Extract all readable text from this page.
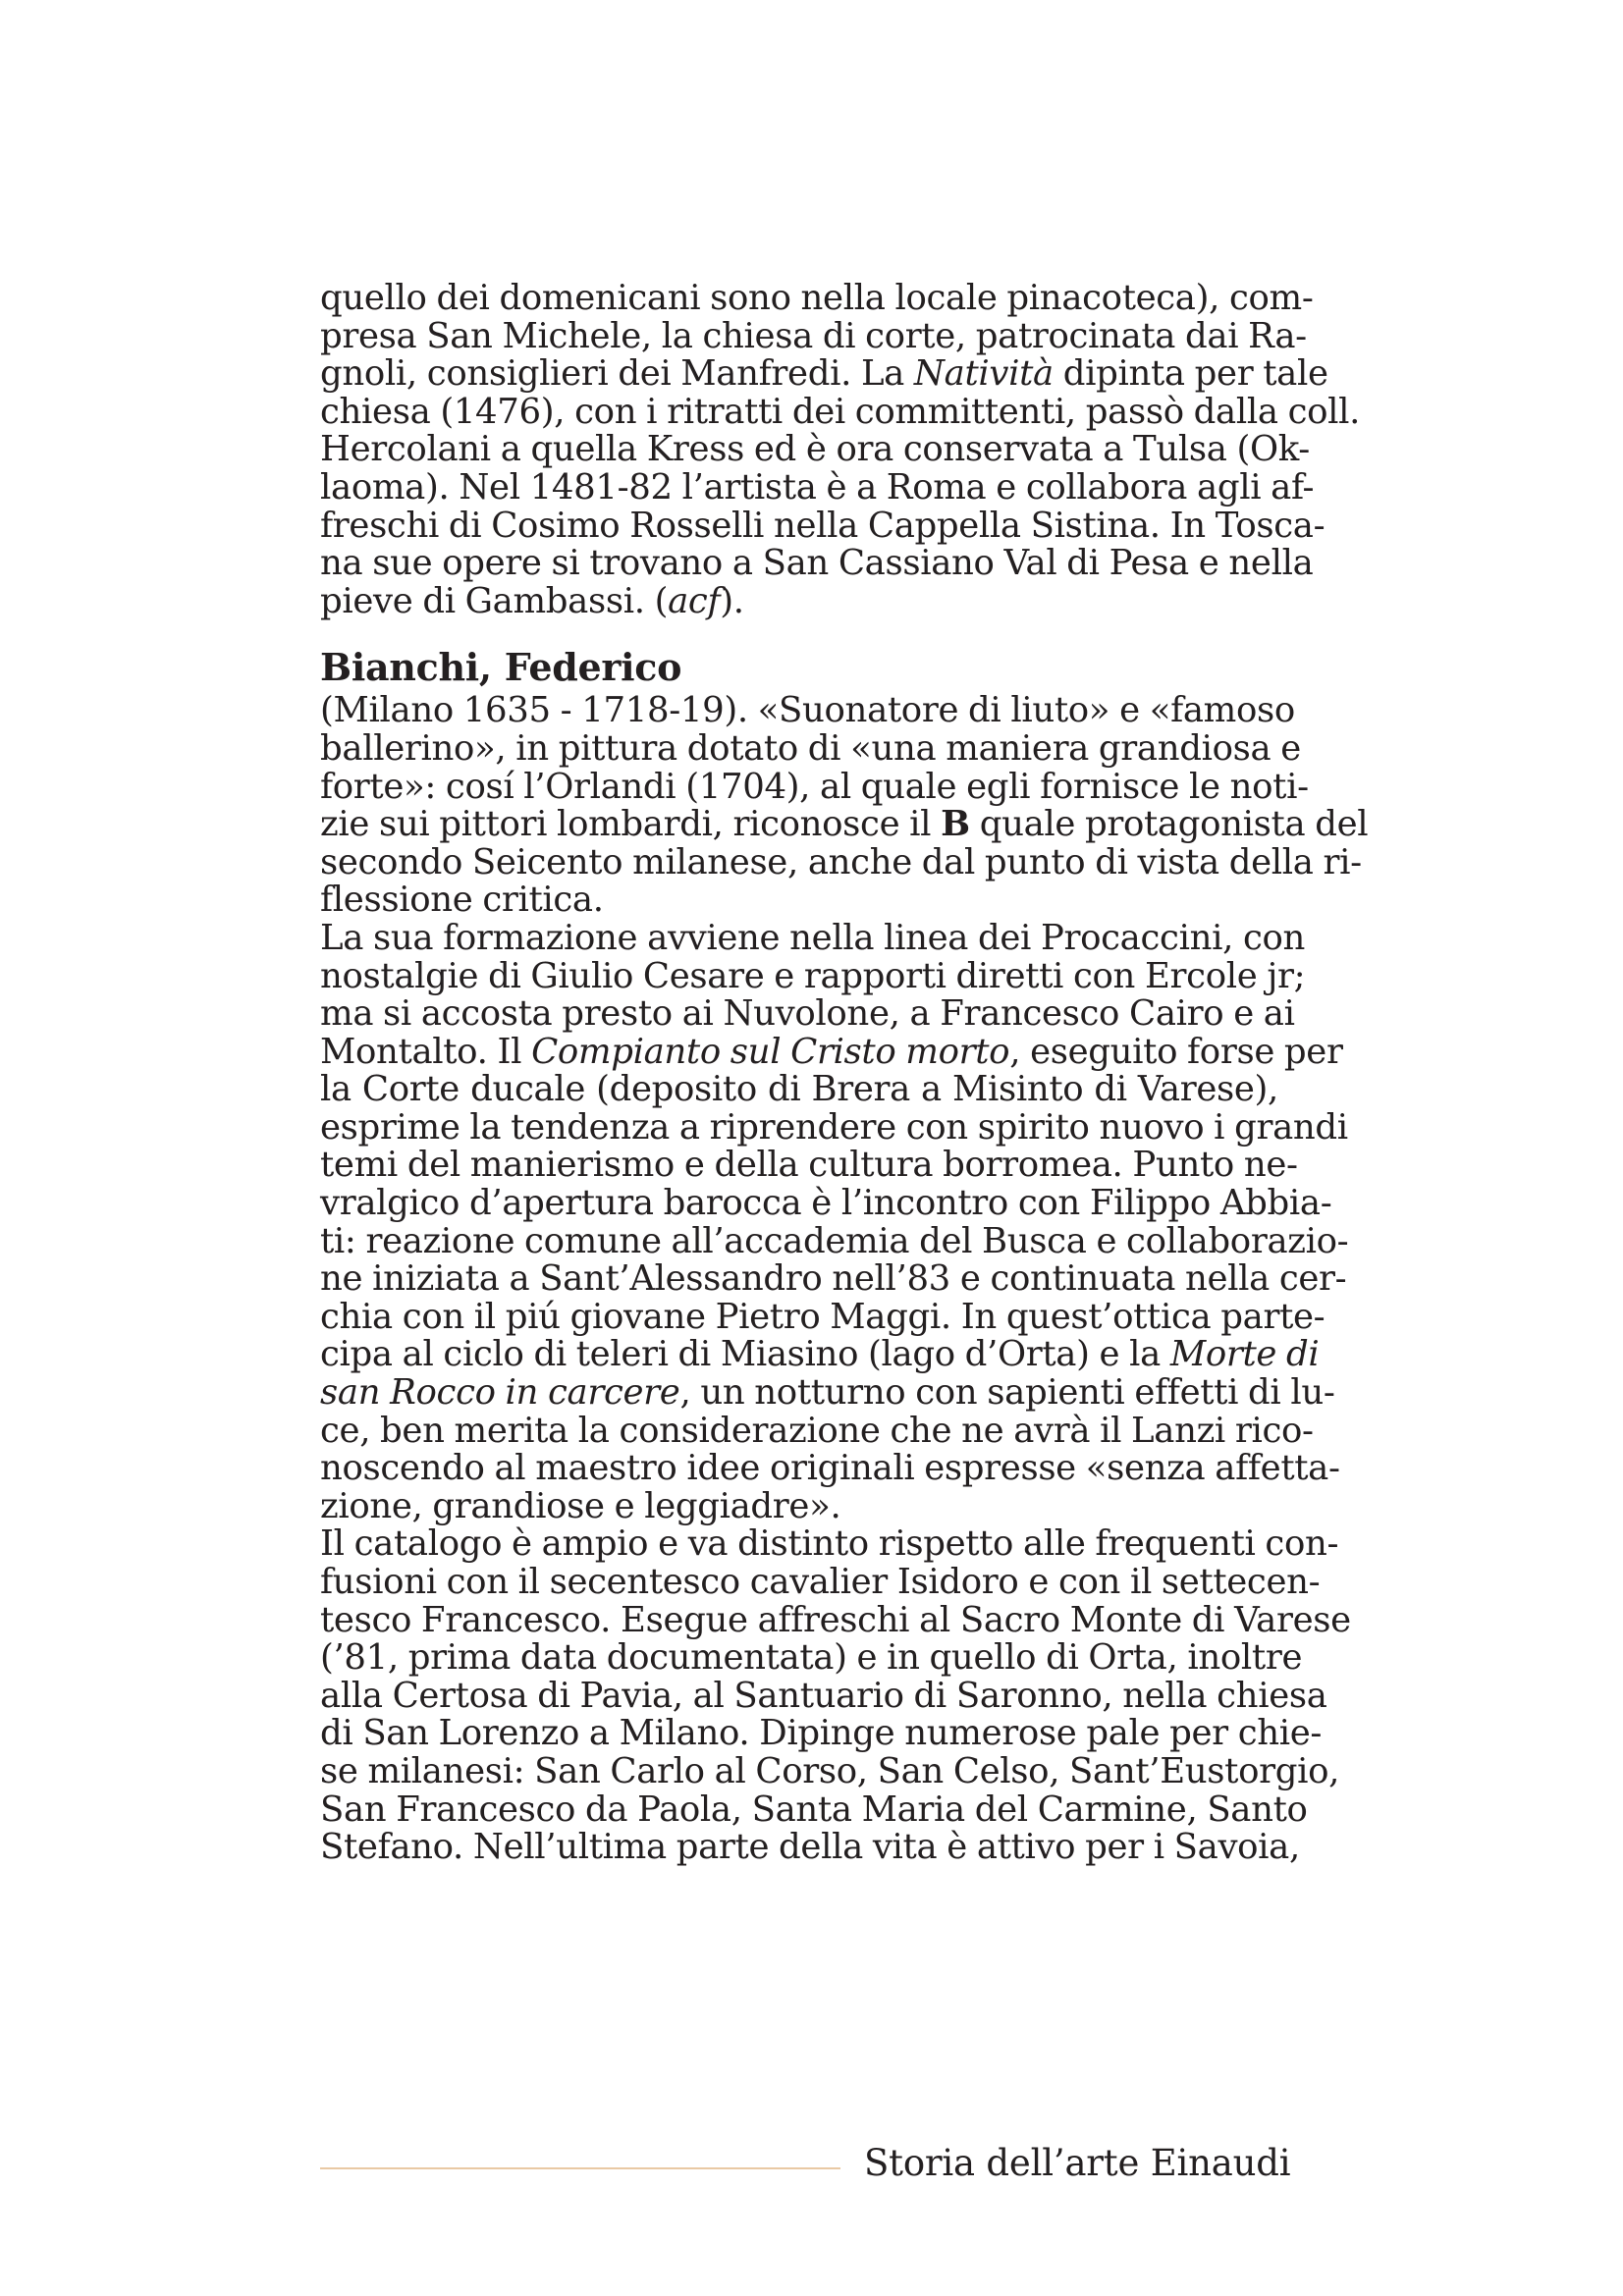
quello dei domenicani sono nella locale pinacoteca), com-
presa San Michele, la chiesa di corte, patrocinata dai Ra-
gnoli, consiglieri dei Manfredi. La Natività dipinta per tale
chiesa (1476), con i ritratti dei committenti, passò dalla coll.
Hercolani a quella Kress ed è ora conservata a Tulsa (Ok-
laoma). Nel 1481-82 l’artista è a Roma e collabora agli af-
freschi di Cosimo Rosselli nella Cappella Sistina. In Tosca-
na sue opere si trovano a San Cassiano Val di Pesa e nella
pieve di Gambassi. (acf).
Bianchi, Federico
(Milano 1635 - 1718-19). «Suonatore di liuto» e «famoso
ballerino», in pittura dotato di «una maniera grandiosa e
forte»: cosí l’Orlandi (1704), al quale egli fornisce le noti-
zie sui pittori lombardi, riconosce il B quale protagonista del
secondo Seicento milanese, anche dal punto di vista della ri-
flessione critica.
La sua formazione avviene nella linea dei Procaccini, con
nostalgie di Giulio Cesare e rapporti diretti con Ercole jr;
ma si accosta presto ai Nuvolone, a Francesco Cairo e ai
Montalto. Il Compianto sul Cristo morto, eseguito forse per
la Corte ducale (deposito di Brera a Misinto di Varese),
esprime la tendenza a riprendere con spirito nuovo i grandi
temi del manierismo e della cultura borromea. Punto ne-
vralgico d’apertura barocca è l’incontro con Filippo Abbia-
ti: reazione comune all’accademia del Busca e collaborazio-
ne iniziata a Sant’Alessandro nell’83 e continuata nella cer-
chia con il piú giovane Pietro Maggi. In quest’ottica parte-
cipa al ciclo di teleri di Miasino (lago d’Orta) e la Morte di
san Rocco in carcere, un notturno con sapienti effetti di lu-
ce, ben merita la considerazione che ne avrà il Lanzi rico-
noscendo al maestro idee originali espresse «senza affetta-
zione, grandiose e leggiadre».
Il catalogo è ampio e va distinto rispetto alle frequenti con-
fusioni con il secentesco cavalier Isidoro e con il settecen-
tesco Francesco. Esegue affreschi al Sacro Monte di Varese
(’81, prima data documentata) e in quello di Orta, inoltre
alla Certosa di Pavia, al Santuario di Saronno, nella chiesa
di San Lorenzo a Milano. Dipinge numerose pale per chie-
se milanesi: San Carlo al Corso, San Celso, Sant’Eustorgio,
San Francesco da Paola, Santa Maria del Carmine, Santo
Stefano. Nell’ultima parte della vita è attivo per i Savoia,
Storia dell’arte Einaudi
